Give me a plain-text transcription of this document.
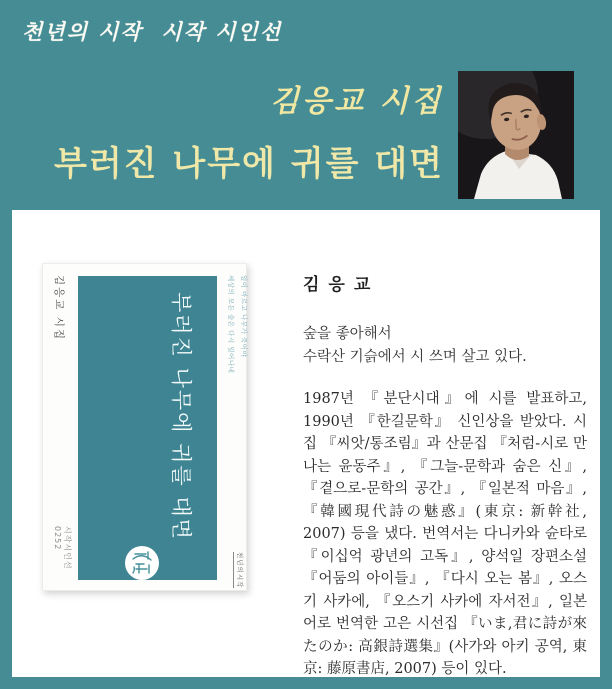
천년의 시작  시작 시인선
김응교 시집
부러진 나무에 귀를 대면
부러진 나무에 귀를 대면
김응교 시집	잎이 마르고 나무가 죽어야
세상의 모든 숲은 다시 일어나네
시작시인선 0252
천년의시작
김응교
숲을 좋아해서
수락산 기슭에서 시 쓰며 살고 있다.
1987년 『분단시대』에 시를 발표하고, 1990년 『한길문학』 신인상을 받았다. 시집 『씨앗/통조림』과 산문집 『처럼-시로 만나는 윤동주』, 『그늘-문학과 숨은 신』, 『곁으로-문학의 공간』, 『일본적 마음』, 『韓國現代詩の魅惑』(東京: 新幹社, 2007) 등을 냈다. 번역서는 다니카와 슌타로 『이십억 광년의 고독』, 양석일 장편소설 『어둠의 아이들』, 『다시 오는 봄』, 오스기 사카에, 『오스기 사카에 자서전』, 일본어로 번역한 고은 시선집 『いま,君に詩が來たのか: 高銀詩選集』(사가와 아키 공역, 東京: 藤原書店, 2007) 등이 있다.
